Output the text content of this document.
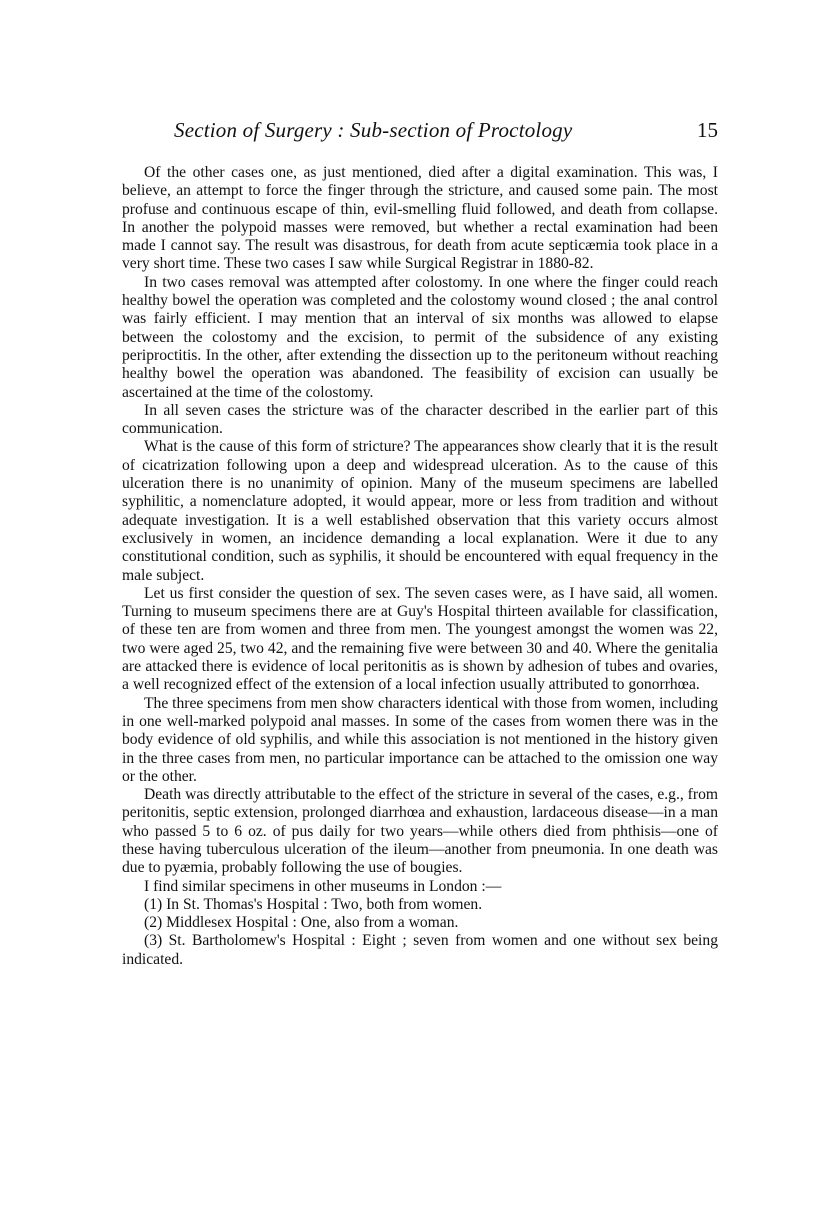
Section of Surgery : Sub-section of Proctology	15

Of the other cases one, as just mentioned, died after a digital examination. This was, I believe, an attempt to force the finger through the stricture, and caused some pain. The most profuse and continuous escape of thin, evil-smelling fluid followed, and death from collapse. In another the polypoid masses were removed, but whether a rectal examination had been made I cannot say. The result was disastrous, for death from acute septicæmia took place in a very short time. These two cases I saw while Surgical Registrar in 1880-82.

In two cases removal was attempted after colostomy. In one where the finger could reach healthy bowel the operation was completed and the colostomy wound closed ; the anal control was fairly efficient. I may mention that an interval of six months was allowed to elapse between the colostomy and the excision, to permit of the subsidence of any existing periproctitis. In the other, after extending the dissection up to the peritoneum without reaching healthy bowel the operation was abandoned. The feasibility of excision can usually be ascertained at the time of the colostomy.

In all seven cases the stricture was of the character described in the earlier part of this communication.

What is the cause of this form of stricture? The appearances show clearly that it is the result of cicatrization following upon a deep and widespread ulceration. As to the cause of this ulceration there is no unanimity of opinion. Many of the museum specimens are labelled syphilitic, a nomenclature adopted, it would appear, more or less from tradition and without adequate investigation. It is a well established observation that this variety occurs almost exclusively in women, an incidence demanding a local explanation. Were it due to any constitutional condition, such as syphilis, it should be encountered with equal frequency in the male subject.

Let us first consider the question of sex. The seven cases were, as I have said, all women. Turning to museum specimens there are at Guy's Hospital thirteen available for classification, of these ten are from women and three from men. The youngest amongst the women was 22, two were aged 25, two 42, and the remaining five were between 30 and 40. Where the genitalia are attacked there is evidence of local peritonitis as is shown by adhesion of tubes and ovaries, a well recognized effect of the extension of a local infection usually attributed to gonorrhœa.

The three specimens from men show characters identical with those from women, including in one well-marked polypoid anal masses. In some of the cases from women there was in the body evidence of old syphilis, and while this association is not mentioned in the history given in the three cases from men, no particular importance can be attached to the omission one way or the other.

Death was directly attributable to the effect of the stricture in several of the cases, e.g., from peritonitis, septic extension, prolonged diarrhœa and exhaustion, lardaceous disease—in a man who passed 5 to 6 oz. of pus daily for two years—while others died from phthisis—one of these having tuberculous ulceration of the ileum—another from pneumonia. In one death was due to pyæmia, probably following the use of bougies.

I find similar specimens in other museums in London :—

(1) In St. Thomas's Hospital : Two, both from women.

(2) Middlesex Hospital : One, also from a woman.

(3) St. Bartholomew's Hospital : Eight ; seven from women and one without sex being indicated.
